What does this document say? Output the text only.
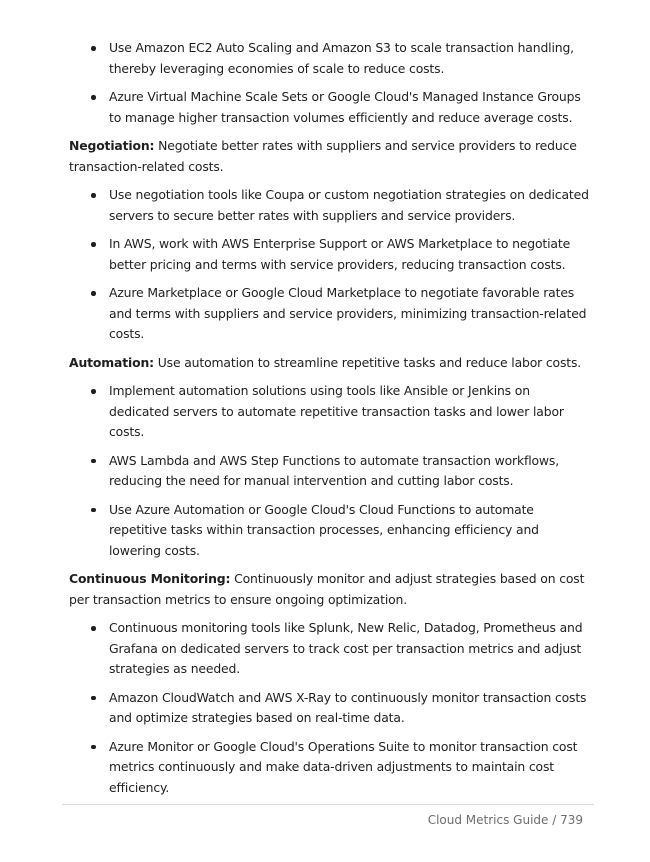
Use Amazon EC2 Auto Scaling and Amazon S3 to scale transaction handling, thereby leveraging economies of scale to reduce costs.
Azure Virtual Machine Scale Sets or Google Cloud's Managed Instance Groups to manage higher transaction volumes efficiently and reduce average costs.

Negotiation: Negotiate better rates with suppliers and service providers to reduce transaction-related costs.

Use negotiation tools like Coupa or custom negotiation strategies on dedicated servers to secure better rates with suppliers and service providers.
In AWS, work with AWS Enterprise Support or AWS Marketplace to negotiate better pricing and terms with service providers, reducing transaction costs.
Azure Marketplace or Google Cloud Marketplace to negotiate favorable rates and terms with suppliers and service providers, minimizing transaction-related costs.

Automation: Use automation to streamline repetitive tasks and reduce labor costs.

Implement automation solutions using tools like Ansible or Jenkins on dedicated servers to automate repetitive transaction tasks and lower labor costs.
AWS Lambda and AWS Step Functions to automate transaction workflows, reducing the need for manual intervention and cutting labor costs.
Use Azure Automation or Google Cloud's Cloud Functions to automate repetitive tasks within transaction processes, enhancing efficiency and lowering costs.

Continuous Monitoring: Continuously monitor and adjust strategies based on cost per transaction metrics to ensure ongoing optimization.

Continuous monitoring tools like Splunk, New Relic, Datadog, Prometheus and Grafana on dedicated servers to track cost per transaction metrics and adjust strategies as needed.
Amazon CloudWatch and AWS X-Ray to continuously monitor transaction costs and optimize strategies based on real-time data.
Azure Monitor or Google Cloud's Operations Suite to monitor transaction cost metrics continuously and make data-driven adjustments to maintain cost efficiency.
Cloud Metrics Guide / 739
